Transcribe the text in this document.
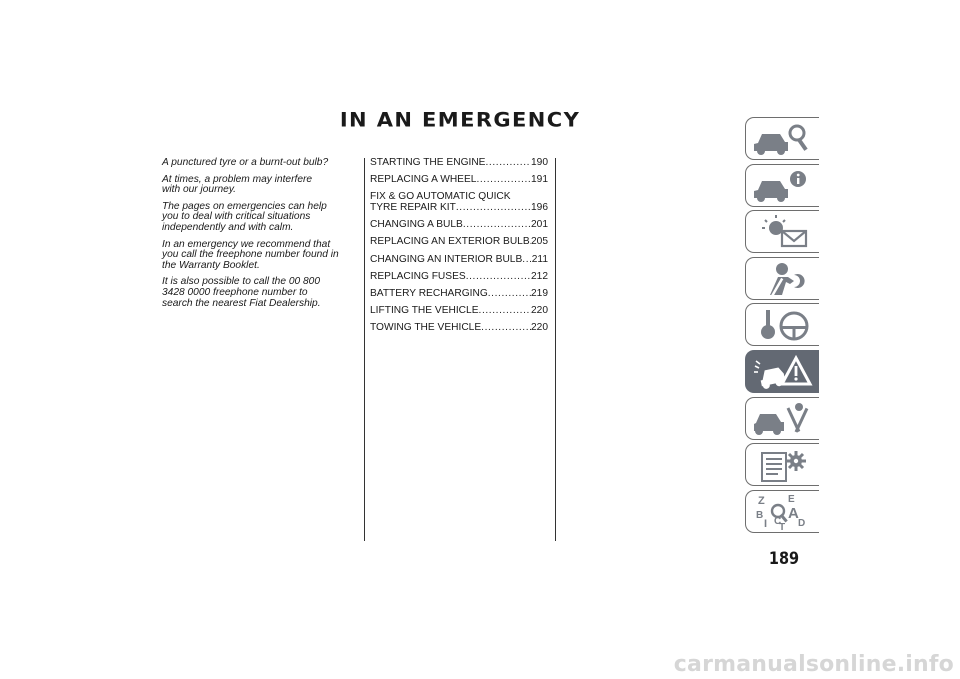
IN AN EMERGENCY

A punctured tyre or a burnt-out bulb?

At times, a problem may interfere
with our journey.

The pages on emergencies can help
you to deal with critical situations
independently and with calm.

In an emergency we recommend that
you call the freephone number found in
the Warranty Booklet.

It is also possible to call the 00 800
3428 0000 freephone number to
search the nearest Fiat Dealership.

STARTING THE ENGINE .....	190
REPLACING A WHEEL .....	191
FIX & GO AUTOMATIC QUICK
TYRE REPAIR KIT .....	196
CHANGING A BULB .....	201
REPLACING AN EXTERIOR BULB ..... 205
CHANGING AN INTERIOR BULB ..... 211
REPLACING FUSES .....	212
BATTERY RECHARGING .....	219
LIFTING THE VEHICLE .....	220
TOWING THE VEHICLE .....	220
Z E
B A
I C
T D
189
carmanualsonline.info
